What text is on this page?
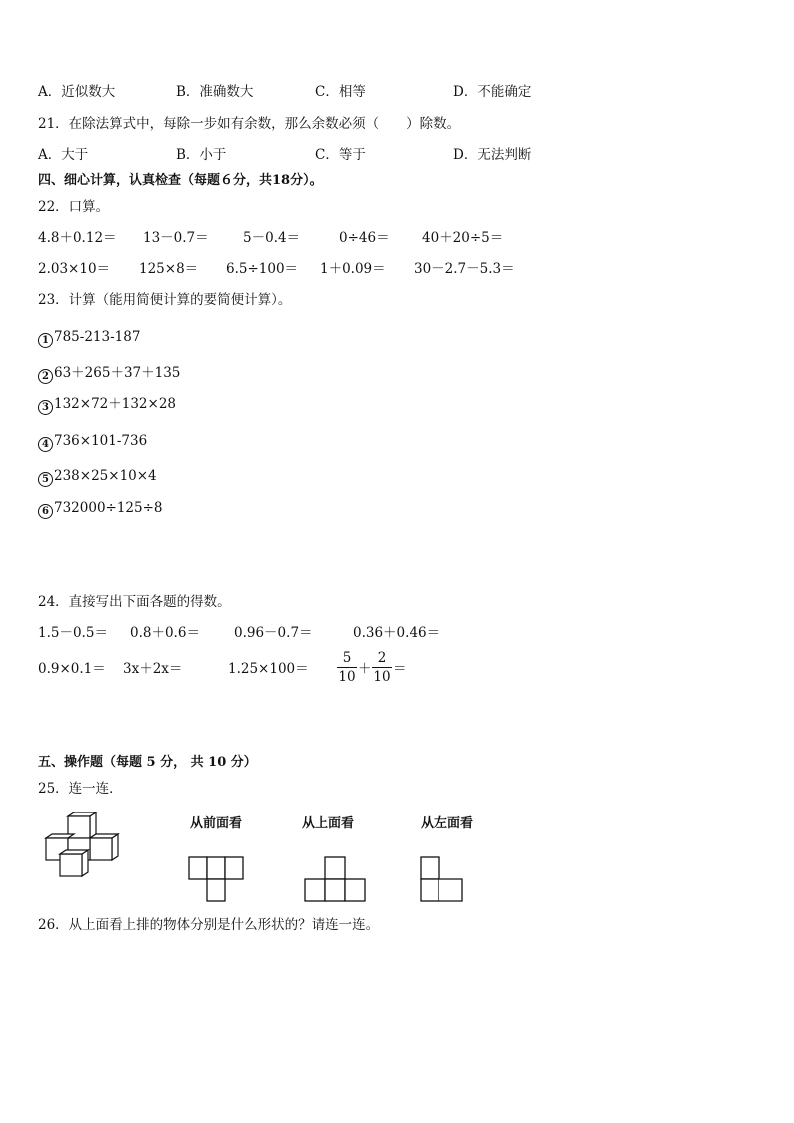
A．近似数大	B．准确数大	C．相等	D．不能确定
21．在除法算式中，每除一步如有余数，那么余数必须（　　）除数。
A．大于	B．小于	C．等于	D．无法判断
四、细心计算，认真检查（每题６分，共18分）。
22．口算。
4.8＋0.12＝ 13－0.7＝	5－0.4＝	0÷46＝ 40＋20÷5＝
2.03×10＝ 125×8＝ 6.5÷100＝ 1＋0.09＝ 30－2.7－5.3＝
23．计算（能用简便计算的要简便计算）。
1 785-213-187
2 63＋265＋37＋135
3 132×72＋132×28
4 736×101-736
5 238×25×10×4
6 732000÷125÷8
24．直接写出下面各题的得数。
1.5－0.5＝ 0.8＋0.6＝	0.96－0.7＝	0.36＋0.46＝
0.9×0.1＝ 3x＋2x＝	1.25×100＝
5
10 ＋
2
10 ＝
五、操作题（每题 5 分， 共 10 分）
25．连一连．
从前面看	从上面看	从左面看
26．从上面看上排的物体分别是什么形状的？请连一连。
